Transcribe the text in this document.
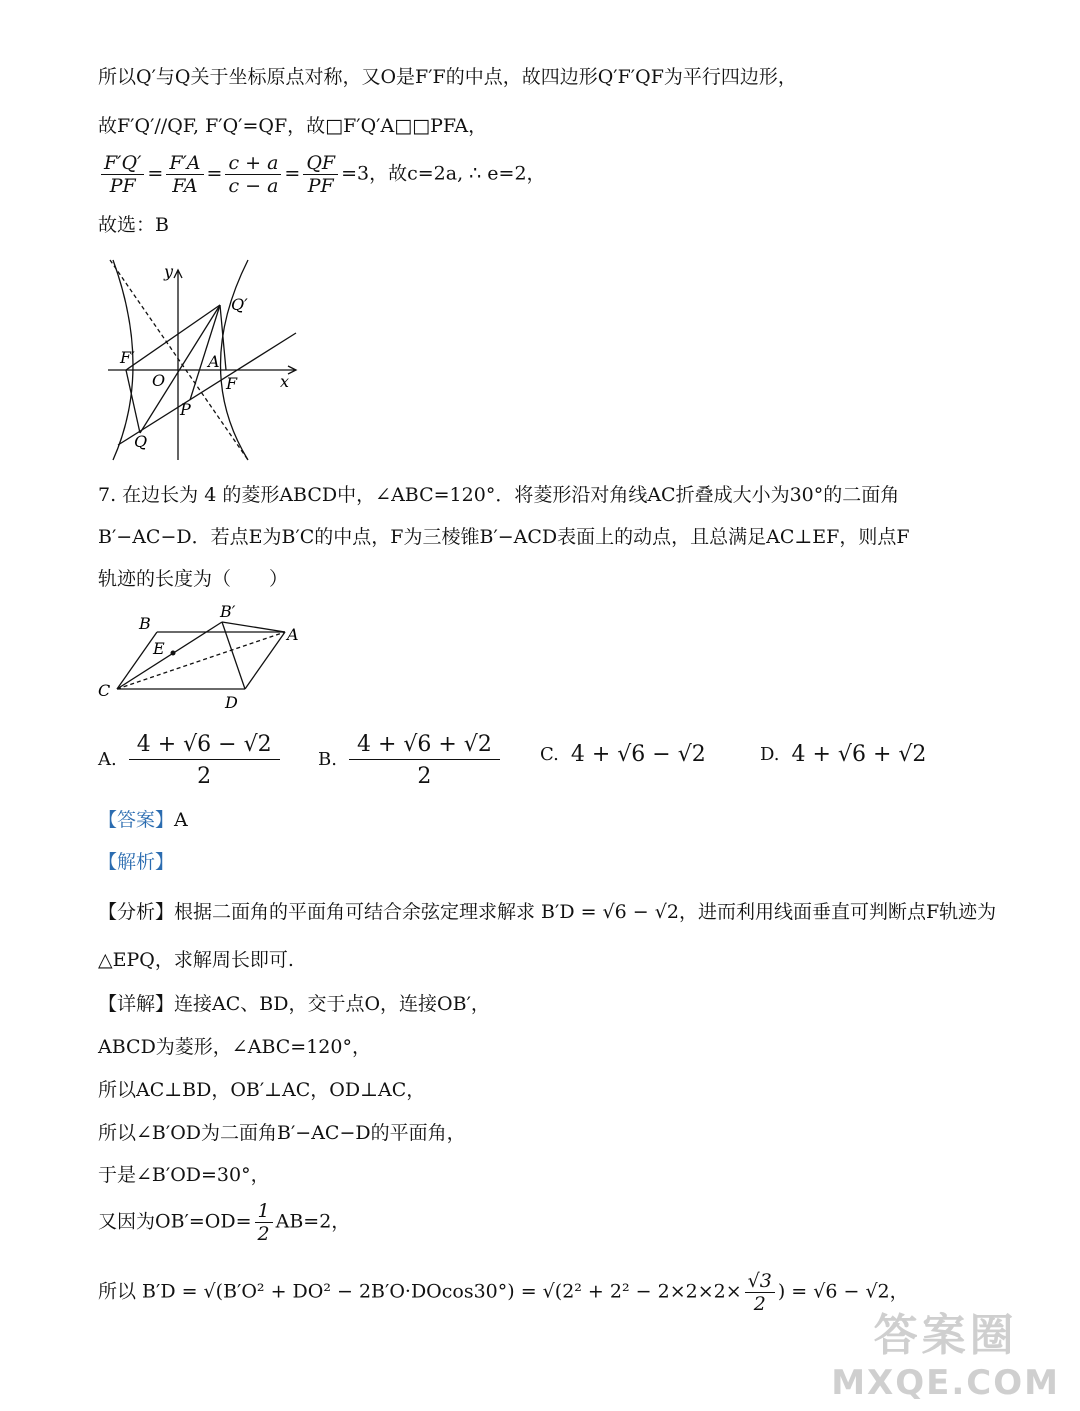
所以Q′与Q关于坐标原点对称，又O是F′F的中点，故四边形Q′F′QF为平行四边形，
故F′Q′//QF, F′Q′=QF，故□F′Q′A□□PFA，
$\frac{F'Q'}{PF} = \frac{F'A}{FA} = \frac{c + a}{c - a} = \frac{QF}{PF} =3$，故c=2a, ∴ e=2，
故选：B
y
x
Q′
F′	A
O	F
P
Q
7. 在边长为 4 的菱形ABCD中，∠ABC=120°．将菱形沿对角线AC折叠成大小为30°的二面角
B′−AC−D．若点E为B′C的中点，F为三棱锥B′−ACD表面上的动点，且总满足AC⊥EF，则点F
轨迹的长度为（　　）
B
B′
A
E
C
D
A. $\frac{4 + √6 - √2}{2} B$. $\frac{4 + √6 + √2}{2} C$. 4 + √6 − √2	D. 4 + √6 + √2
【答案】A
【解析】
【分析】根据二面角的平面角可结合余弦定理求解求 B′D = √6 − √2，进而利用线面垂直可判断点F轨迹为
△EPQ，求解周长即可.
【详解】连接AC、BD，交于点O，连接OB′，
ABCD为菱形，∠ABC=120°，
所以AC⊥BD，OB′⊥AC，OD⊥AC，
所以∠B′OD为二面角B′−AC−D的平面角，
于是∠B′OD=30°，
又因为$OB'=OD= \frac{1}{2} AB=2$，
所以 $B'D = √(B'O^2 + DO^2 - 2B'O\cdot DOcos30^\circ) = √(2^2 + 2^2 - 2\times 2\times 2\times \frac{√3}{2}$ ) = √6 − √2，
答案圈
MXQE.COM
